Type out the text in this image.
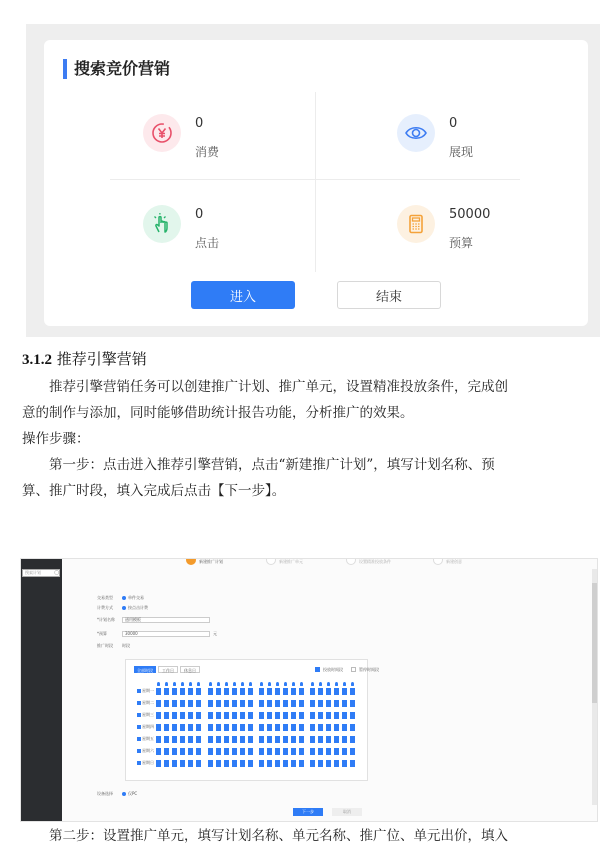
搜索竞价营销
0
消费
0
展现
0
点击
50000
预算
进入	结束
3.1.2 推荐引擎营销
推荐引擎营销任务可以创建推广计划、推广单元，设置精准投放条件，完成创
意的制作与添加，同时能够借助统计报告功能，分析推广的效果。
操作步骤：
第一步：点击进入推荐引擎营销，点击“新建推广计划”，填写计划名称、预
算、推广时段，填入完成后点击【下一步】。
第二步：设置推广单元，填写计划名称、单元名称、推广位、单元出价，填入
搜索计划	○
新建推广计划	新建推广单元	设置精准投放条件	新建创意
交易类型	单件交易
计费方式	按点击计费
*计划名称	通用模板
*预算	30000	元
推广时段 时段
全部时段	工作日	休息日	投放时间段	暂停时间段
星期一
星期二
星期三
星期四
星期五
星期六
星期日
设备选择	仅PC
下一步	取消
